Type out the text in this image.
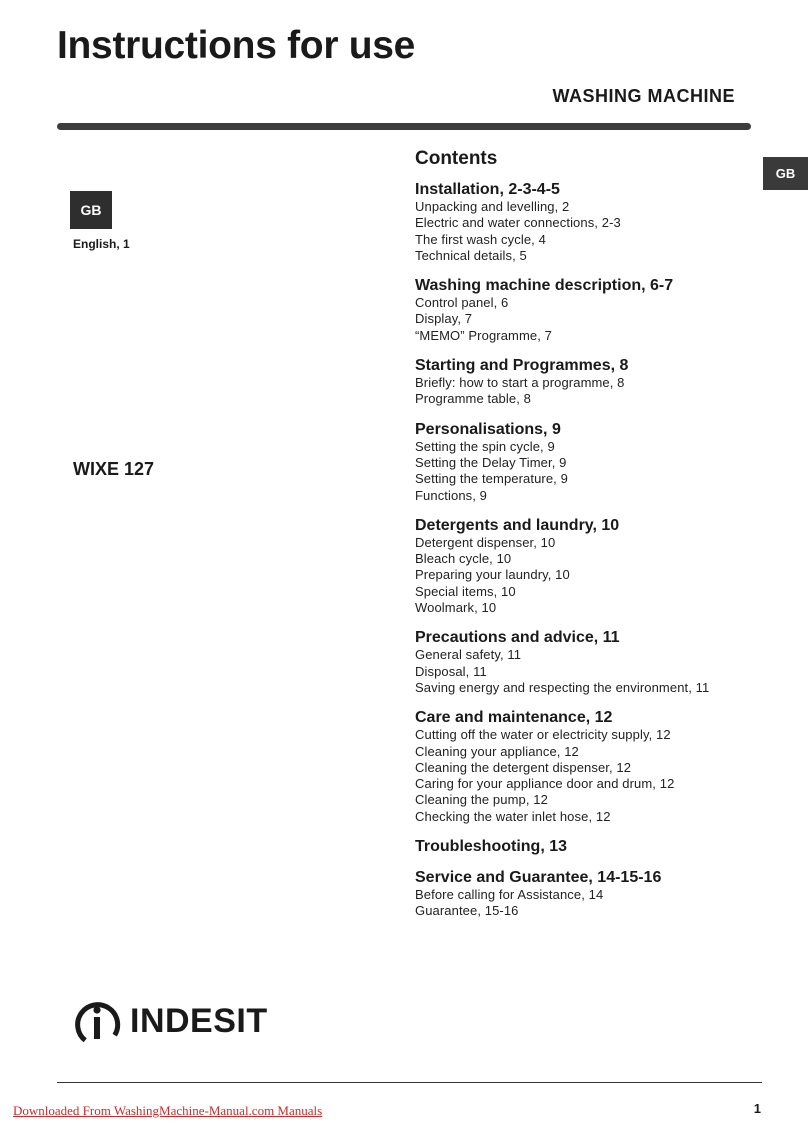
Instructions for use
WASHING MACHINE
GB
English, 1
WIXE 127
GB
Contents
Installation, 2-3-4-5
Unpacking and levelling, 2
Electric and water connections, 2-3
The first wash cycle, 4
Technical details, 5
Washing machine description, 6-7
Control panel, 6
Display, 7
“MEMO” Programme, 7
Starting and Programmes, 8
Briefly: how to start a programme, 8
Programme table, 8
Personalisations, 9
Setting the spin cycle, 9
Setting the Delay Timer, 9
Setting the temperature, 9
Functions, 9
Detergents and laundry, 10
Detergent dispenser, 10
Bleach cycle, 10
Preparing your laundry, 10
Special items, 10
Woolmark, 10
Precautions and advice, 11
General safety, 11
Disposal, 11
Saving energy and respecting the environment, 11
Care and maintenance, 12
Cutting off the water or electricity supply, 12
Cleaning your appliance, 12
Cleaning the detergent dispenser, 12
Caring for your appliance door and drum, 12
Cleaning the pump, 12
Checking the water inlet hose, 12
Troubleshooting, 13
Service and Guarantee, 14-15-16
Before calling for Assistance, 14
Guarantee, 15-16
INDESIT
Downloaded From WashingMachine-Manual.com Manuals	1
